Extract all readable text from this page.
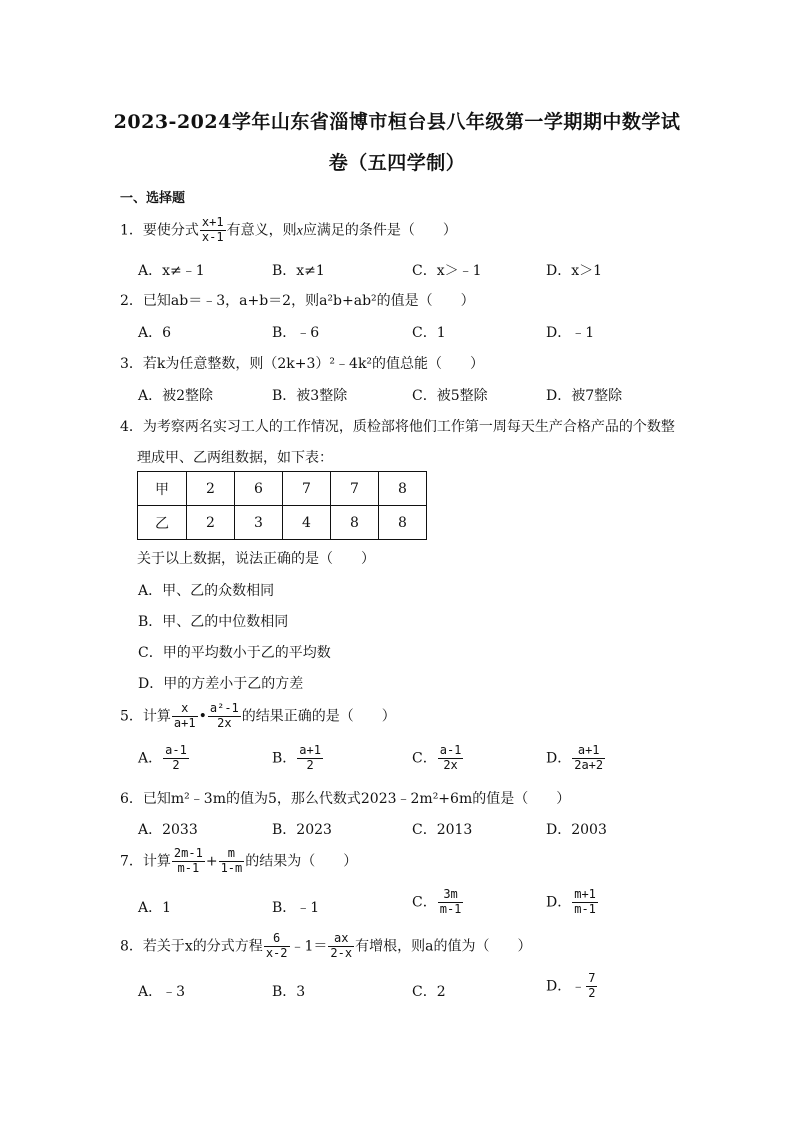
2023-2024学年山东省淄博市桓台县八年级第一学期期中数学试
卷（五四学制）
一、选择题
1．要使分式 $\frac{x+1}{x-1}$ 有意义，则x应满足的条件是（　　）
A．x≠﹣1	B．x≠1	C．x＞﹣1	D．x＞1
2．已知ab＝﹣3，a+b＝2，则a²b+ab²的值是（　　）
A．6	B．﹣6	C．1	D．﹣1
3．若k为任意整数，则（2k+3）²﹣4k²的值总能（　　）
A．被2整除	B．被3整除	C．被5整除	D．被7整除
4．为考察两名实习工人的工作情况，质检部将他们工作第一周每天生产合格产品的个数整
理成甲、乙两组数据，如下表：
甲	2	6	7	7	8
乙	2	3	4	8	8
关于以上数据，说法正确的是（　　）
A．甲、乙的众数相同
B．甲、乙的中位数相同
C．甲的平均数小于乙的平均数
D．甲的方差小于乙的方差
5．计算 $\frac{x}{a+1}$ • $\frac{\text{a²-1}}{2x}$ 的结果正确的是（　　）
A． $\frac{a-1}{2}$	B． $\frac{a+1}{2}$	C． $\frac{a-1}{2x}$	D． $\frac{a+1}{2a+2}$
6．已知m²﹣3m的值为5，那么代数式2023﹣2m²+6m的值是（　　）
A．2033	B．2023	C．2013	D．2003
7．计算 $\frac{2m-1}{m-1} + \frac{m}{1-m}$ 的结果为（　　）
A．1	B．﹣1	C． $\frac{3m}{m-1}$	D． $\frac{m+1}{m-1}$
8．若关于x的分式方程 $\frac{6}{x-2}$ ﹣1＝ $\frac{ax}{2-x}$ 有增根，则a的值为（　　）
A．﹣3	B．3	C．2	D．﹣ $\frac{7}{2}$
